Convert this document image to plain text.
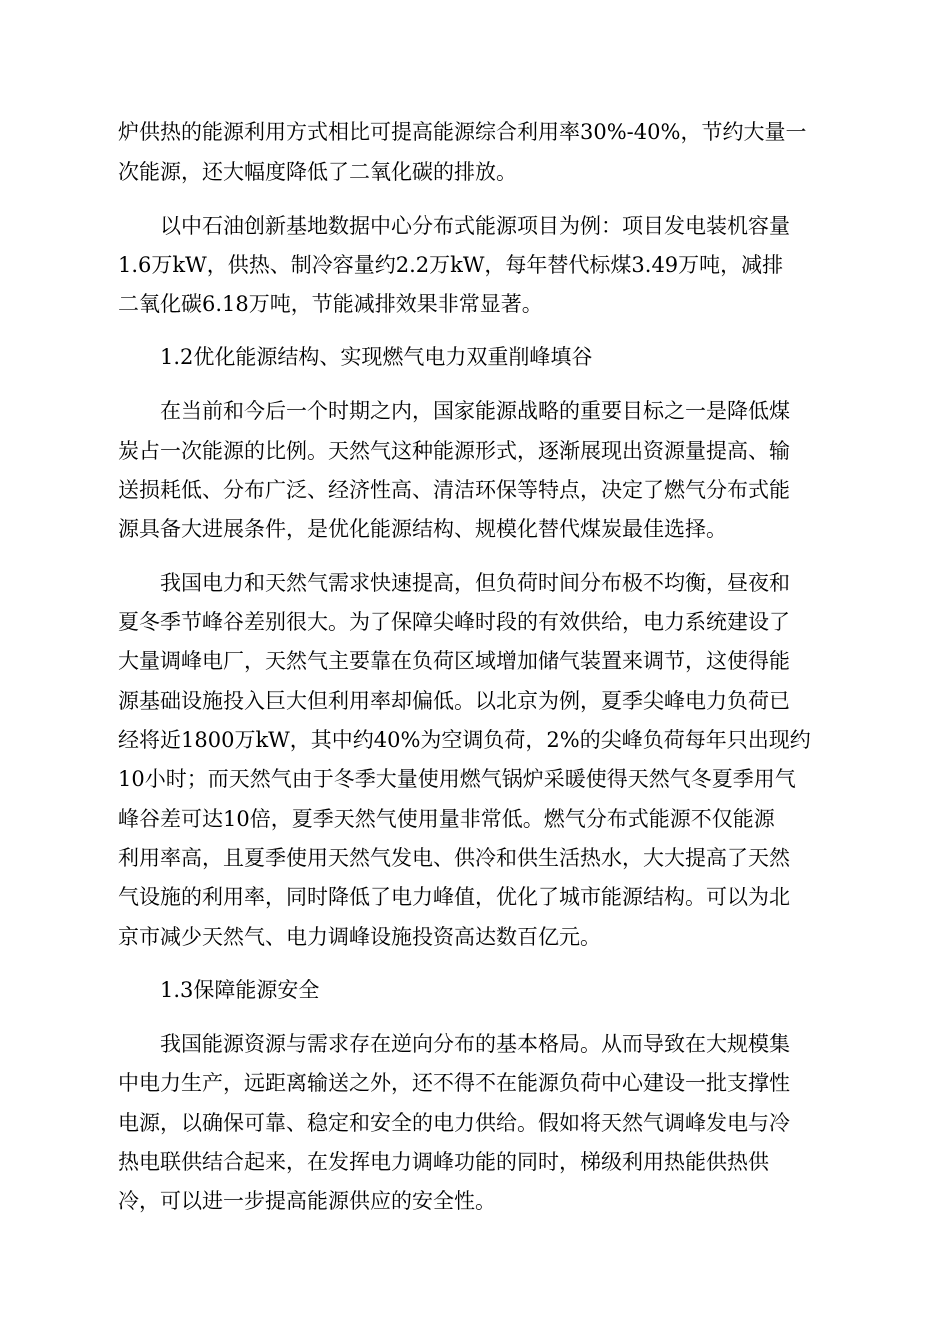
炉供热的能源利用方式相比可提高能源综合利用率30%-40%，节约大量一

次能源，还大幅度降低了二氧化碳的排放。

以中石油创新基地数据中心分布式能源项目为例：项目发电装机容量

1.6万kW，供热、制冷容量约2.2万kW，每年替代标煤3.49万吨，减排

二氧化碳6.18万吨，节能减排效果非常显著。

1.2优化能源结构、实现燃气电力双重削峰填谷

在当前和今后一个时期之内，国家能源战略的重要目标之一是降低煤

炭占一次能源的比例。天然气这种能源形式，逐渐展现出资源量提高、输

送损耗低、分布广泛、经济性高、清洁环保等特点，决定了燃气分布式能

源具备大进展条件，是优化能源结构、规模化替代煤炭最佳选择。

我国电力和天然气需求快速提高，但负荷时间分布极不均衡，昼夜和

夏冬季节峰谷差别很大。为了保障尖峰时段的有效供给，电力系统建设了

大量调峰电厂，天然气主要靠在负荷区域增加储气装置来调节，这使得能

源基础设施投入巨大但利用率却偏低。以北京为例，夏季尖峰电力负荷已

经将近1800万kW，其中约40%为空调负荷，2%的尖峰负荷每年只出现约

10小时；而天然气由于冬季大量使用燃气锅炉采暖使得天然气冬夏季用气

峰谷差可达10倍，夏季天然气使用量非常低。燃气分布式能源不仅能源

利用率高，且夏季使用天然气发电、供冷和供生活热水，大大提高了天然

气设施的利用率，同时降低了电力峰值，优化了城市能源结构。可以为北

京市减少天然气、电力调峰设施投资高达数百亿元。

1.3保障能源安全

我国能源资源与需求存在逆向分布的基本格局。从而导致在大规模集

中电力生产，远距离输送之外，还不得不在能源负荷中心建设一批支撑性

电源，以确保可靠、稳定和安全的电力供给。假如将天然气调峰发电与冷

热电联供结合起来，在发挥电力调峰功能的同时，梯级利用热能供热供

冷，可以进一步提高能源供应的安全性。
